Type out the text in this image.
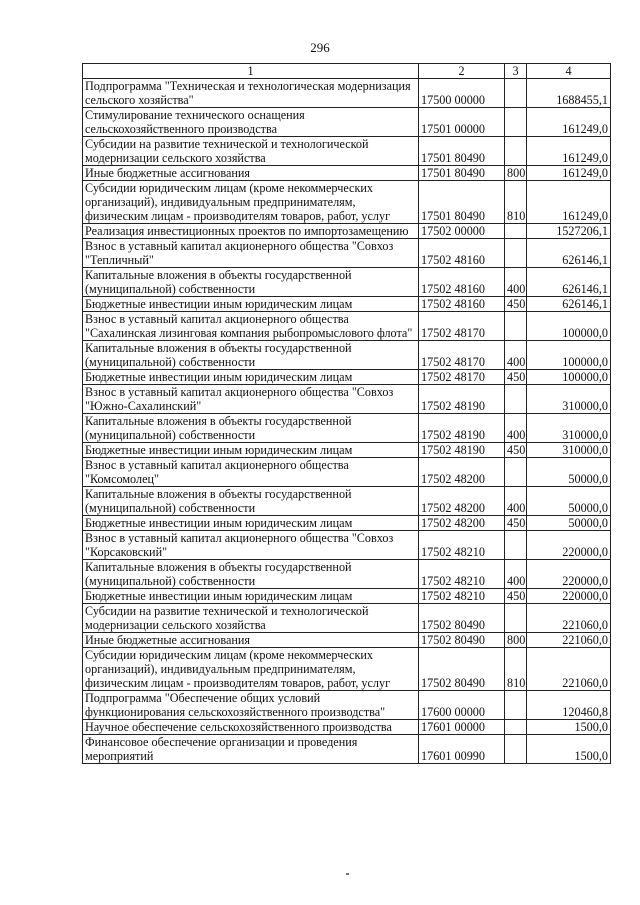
296
1	2	3	4
Подпрограмма "Техническая и технологическая модернизация сельского хозяйства"	17500 00000		1688455,1
Стимулирование технического оснащения сельскохозяйственного производства	17501 00000		161249,0
Субсидии на развитие технической и технологической модернизации сельского хозяйства	17501 80490		161249,0
Иные бюджетные ассигнования	17501 80490	800	161249,0
Субсидии юридическим лицам (кроме некоммерческих организаций), индивидуальным предпринимателям, физическим лицам - производителям товаров, работ, услуг	17501 80490	810	161249,0
Реализация инвестиционных проектов по импортозамещению	17502 00000		1527206,1
Взнос в уставный капитал акционерного общества "Совхоз "Тепличный"	17502 48160		626146,1
Капитальные вложения в объекты государственной (муниципальной) собственности	17502 48160	400	626146,1
Бюджетные инвестиции иным юридическим лицам	17502 48160	450	626146,1
Взнос в уставный капитал акционерного общества "Сахалинская лизинговая компания рыбопромыслового флота"	17502 48170		100000,0
Капитальные вложения в объекты государственной (муниципальной) собственности	17502 48170	400	100000,0
Бюджетные инвестиции иным юридическим лицам	17502 48170	450	100000,0
Взнос в уставный капитал акционерного общества "Совхоз "Южно-Сахалинский"	17502 48190		310000,0
Капитальные вложения в объекты государственной (муниципальной) собственности	17502 48190	400	310000,0
Бюджетные инвестиции иным юридическим лицам	17502 48190	450	310000,0
Взнос в уставный капитал акционерного общества "Комсомолец"	17502 48200		50000,0
Капитальные вложения в объекты государственной (муниципальной) собственности	17502 48200	400	50000,0
Бюджетные инвестиции иным юридическим лицам	17502 48200	450	50000,0
Взнос в уставный капитал акционерного общества "Совхоз "Корсаковский"	17502 48210		220000,0
Капитальные вложения в объекты государственной (муниципальной) собственности	17502 48210	400	220000,0
Бюджетные инвестиции иным юридическим лицам	17502 48210	450	220000,0
Субсидии на развитие технической и технологической модернизации сельского хозяйства	17502 80490		221060,0
Иные бюджетные ассигнования	17502 80490	800	221060,0
Субсидии юридическим лицам (кроме некоммерческих организаций), индивидуальным предпринимателям, физическим лицам - производителям товаров, работ, услуг	17502 80490	810	221060,0
Подпрограмма "Обеспечение общих условий функционирования сельскохозяйственного производства"	17600 00000		120460,8
Научное обеспечение сельскохозяйственного производства	17601 00000		1500,0
Финансовое обеспечение организации и проведения мероприятий	17601 00990		1500,0
